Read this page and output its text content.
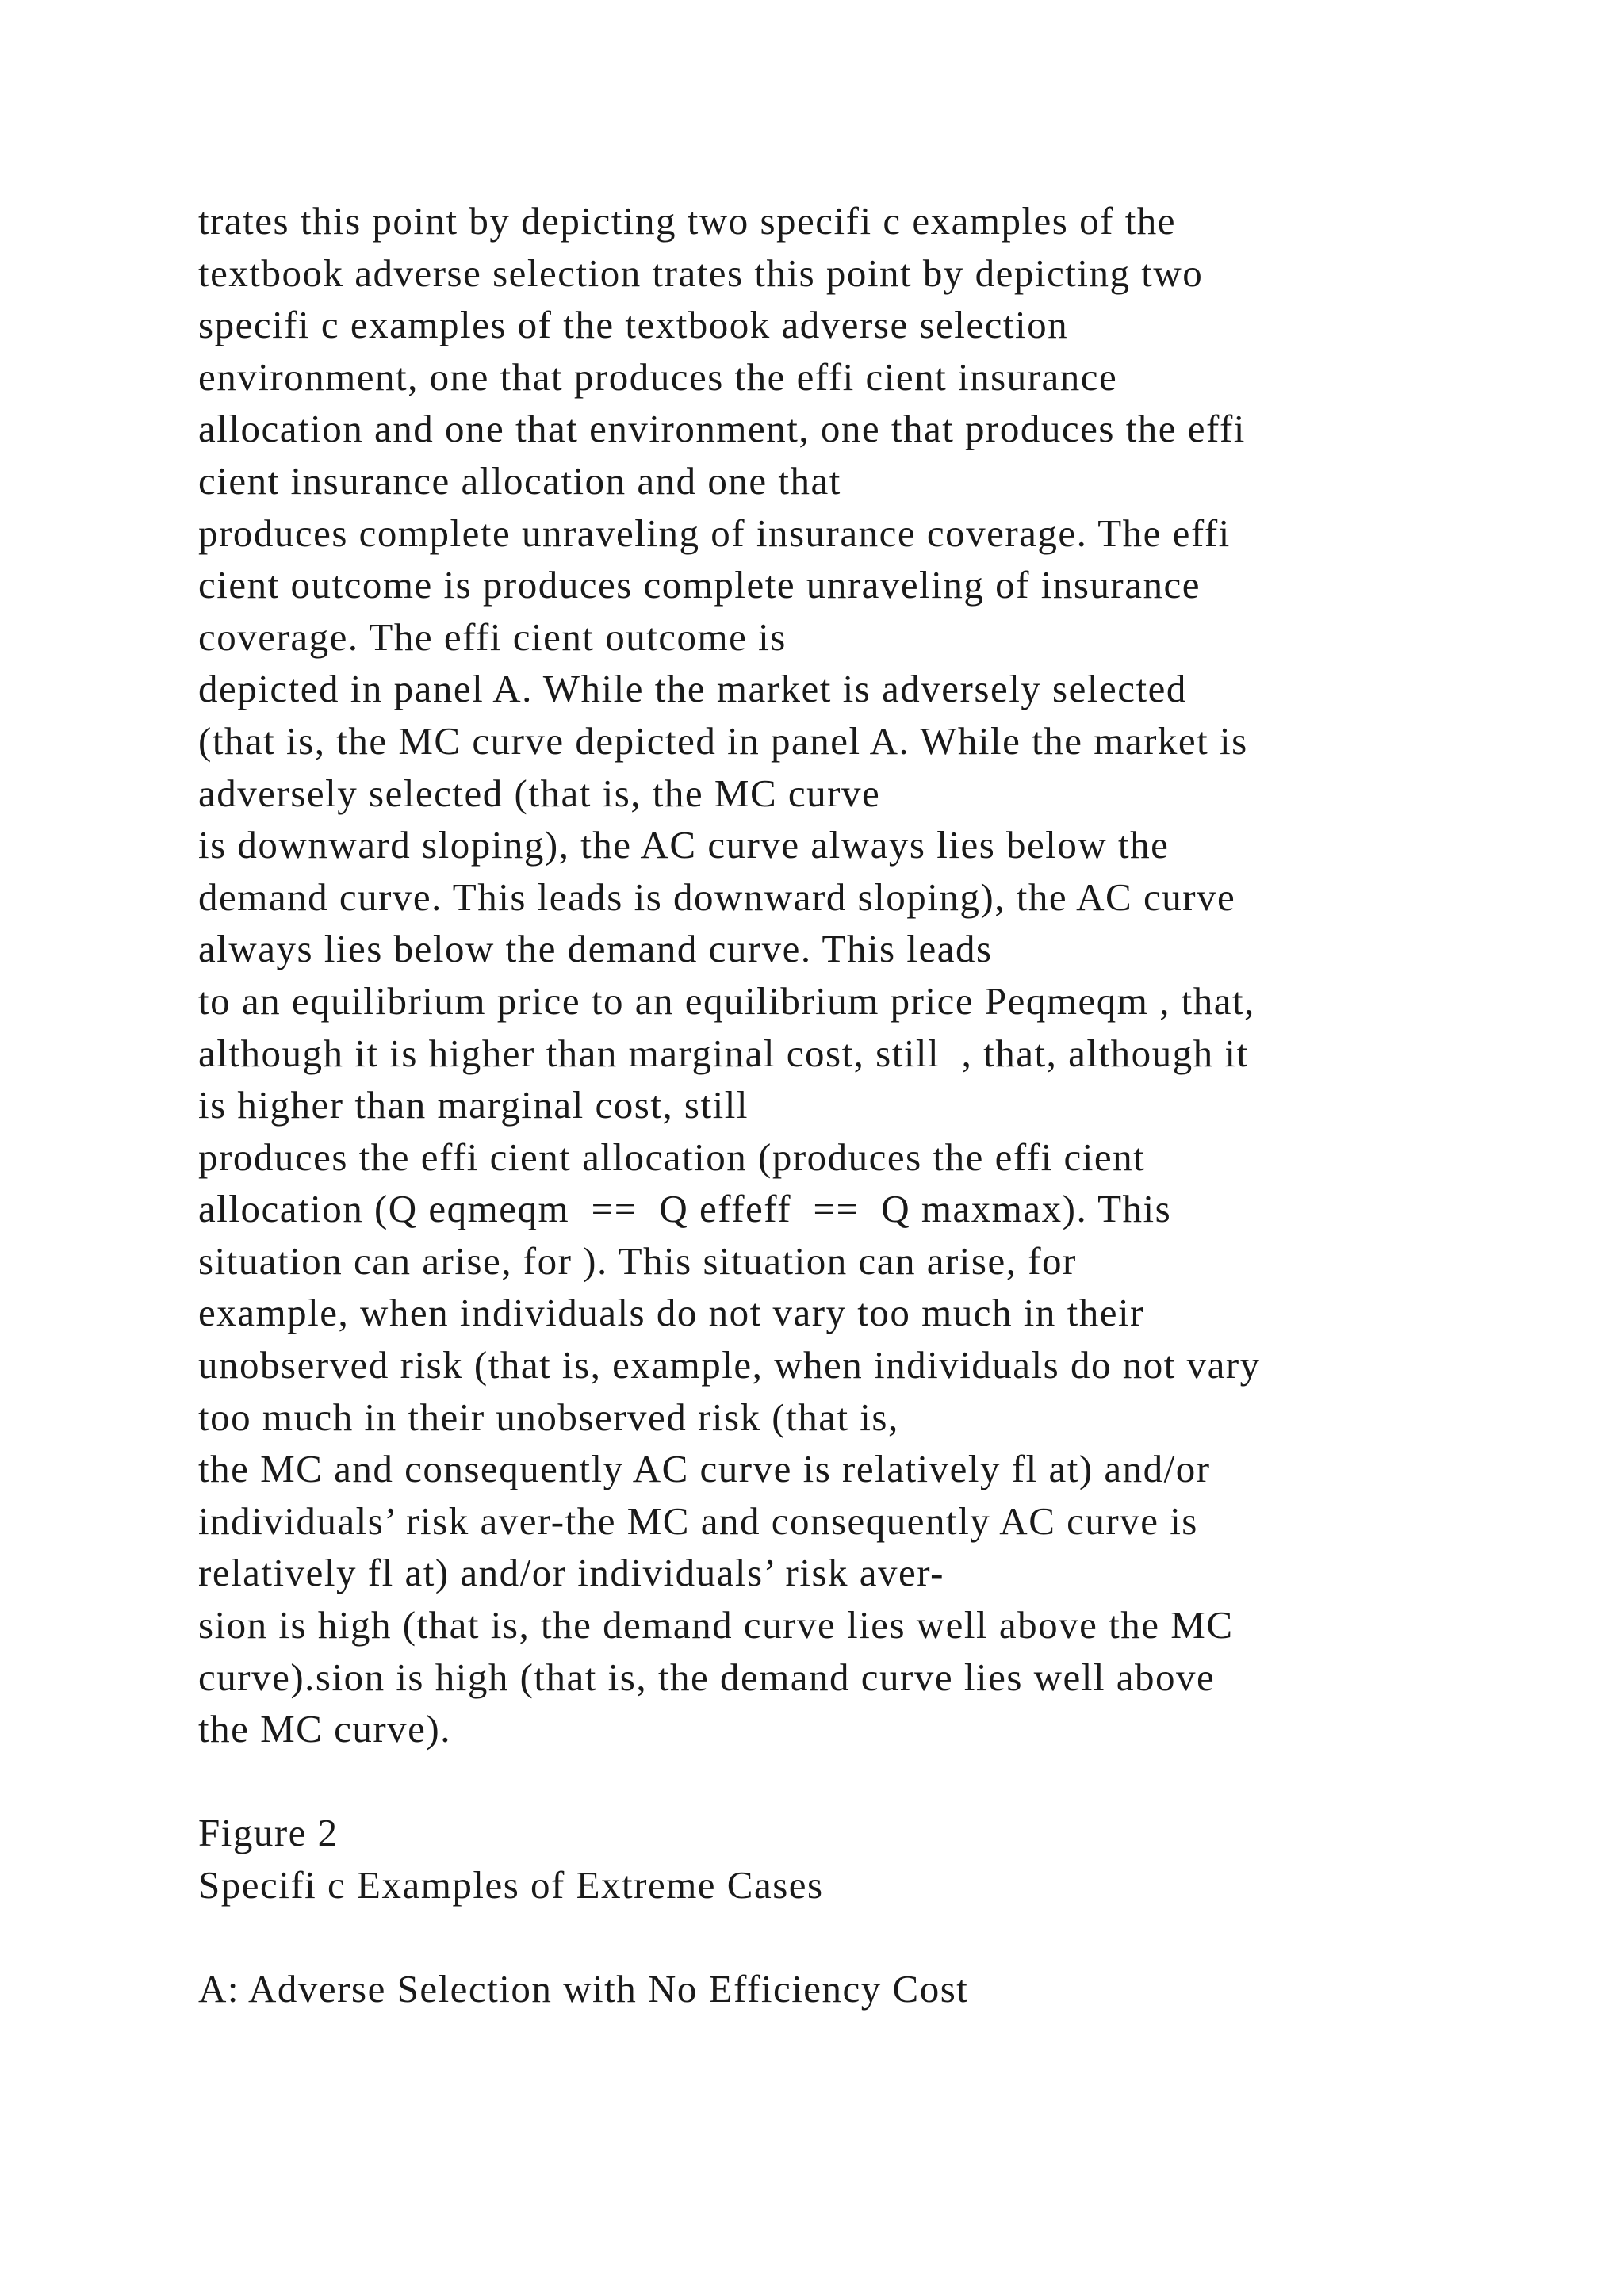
trates this point by depicting two specifi c examples of the
textbook adverse selection trates this point by depicting two
specifi c examples of the textbook adverse selection
environment, one that produces the effi cient insurance
allocation and one that environment, one that produces the effi
cient insurance allocation and one that
produces complete unraveling of insurance coverage. The effi
cient outcome is produces complete unraveling of insurance
coverage. The effi cient outcome is
depicted in panel A. While the market is adversely selected
(that is, the MC curve depicted in panel A. While the market is
adversely selected (that is, the MC curve
is downward sloping), the AC curve always lies below the
demand curve. This leads is downward sloping), the AC curve
always lies below the demand curve. This leads
to an equilibrium price to an equilibrium price Peqmeqm , that,
although it is higher than marginal cost, still  , that, although it
is higher than marginal cost, still
produces the effi cient allocation (produces the effi cient
allocation (Q eqmeqm  ==  Q effeff  ==  Q maxmax). This
situation can arise, for ). This situation can arise, for
example, when individuals do not vary too much in their
unobserved risk (that is, example, when individuals do not vary
too much in their unobserved risk (that is,
the MC and consequently AC curve is relatively fl at) and/or
individuals’ risk aver-the MC and consequently AC curve is
relatively fl at) and/or individuals’ risk aver-
sion is high (that is, the demand curve lies well above the MC
curve).sion is high (that is, the demand curve lies well above
the MC curve).
Figure 2
Specifi c Examples of Extreme Cases
A: Adverse Selection with No Efficiency Cost
